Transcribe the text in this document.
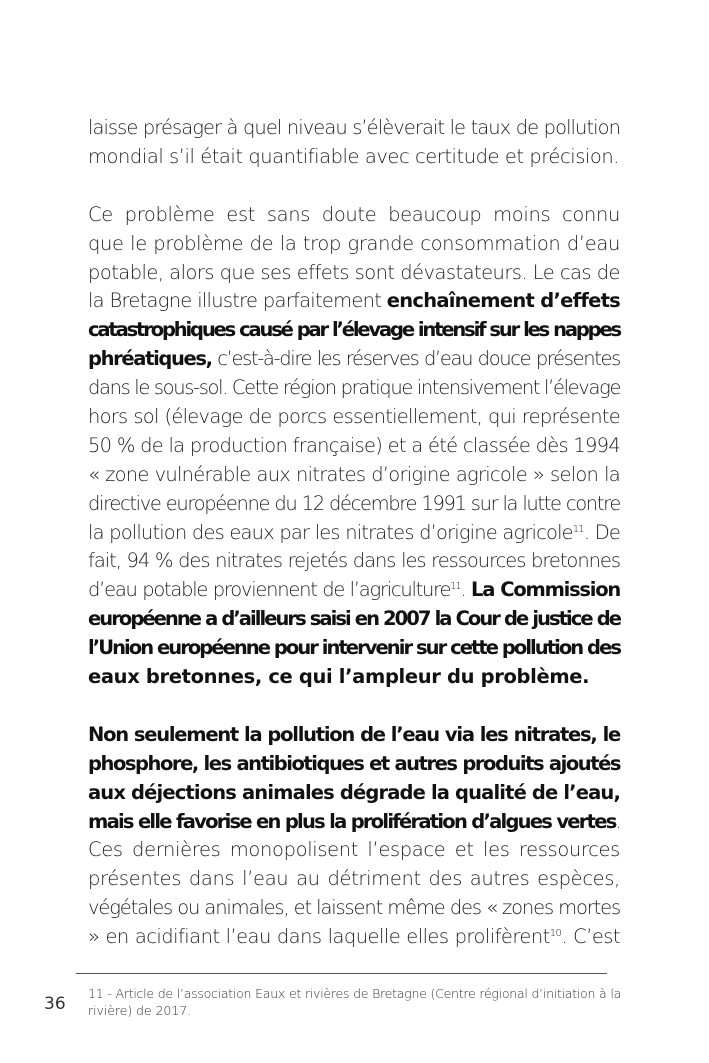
laisse présager à quel niveau s’élèverait le taux de pollution
mondial s’il était quantifiable avec certitude et précision.
Ce problème est sans doute beaucoup moins connu
que le problème de la trop grande consommation d’eau
potable, alors que ses effets sont dévastateurs. Le cas de
la Bretagne illustre parfaitement enchaînement d’effets
catastrophiques causé par l’élevage intensif sur les nappes
phréatiques, c’est-à-dire les réserves d’eau douce présentes
dans le sous-sol. Cette région pratique intensivement l’élevage
hors sol (élevage de porcs essentiellement, qui représente
50 % de la production française) et a été classée dès 1994
« zone vulnérable aux nitrates d’origine agricole » selon la
directive européenne du 12 décembre 1991 sur la lutte contre
la pollution des eaux par les nitrates d’origine agricole$^{11}$. De
fait, 94 % des nitrates rejetés dans les ressources bretonnes
d’eau potable proviennent de l’agriculture$^{11}$. La Commission
européenne a d’ailleurs saisi en 2007 la Cour de justice de
l’Union européenne pour intervenir sur cette pollution des
eaux bretonnes, ce qui l’ampleur du problème.
Non seulement la pollution de l’eau via les nitrates, le
phosphore, les antibiotiques et autres produits ajoutés
aux déjections animales dégrade la qualité de l’eau,
mais elle favorise en plus la prolifération d’algues vertes.
Ces dernières monopolisent l’espace et les ressources
présentes dans l’eau au détriment des autres espèces,
végétales ou animales, et laissent même des « zones mortes
» en acidifiant l’eau dans laquelle elles prolifèrent$^{10}$. C’est
11 - Article de l’association Eaux et rivières de Bretagne (Centre régional d’initiation à la
rivière) de 2017.
36
